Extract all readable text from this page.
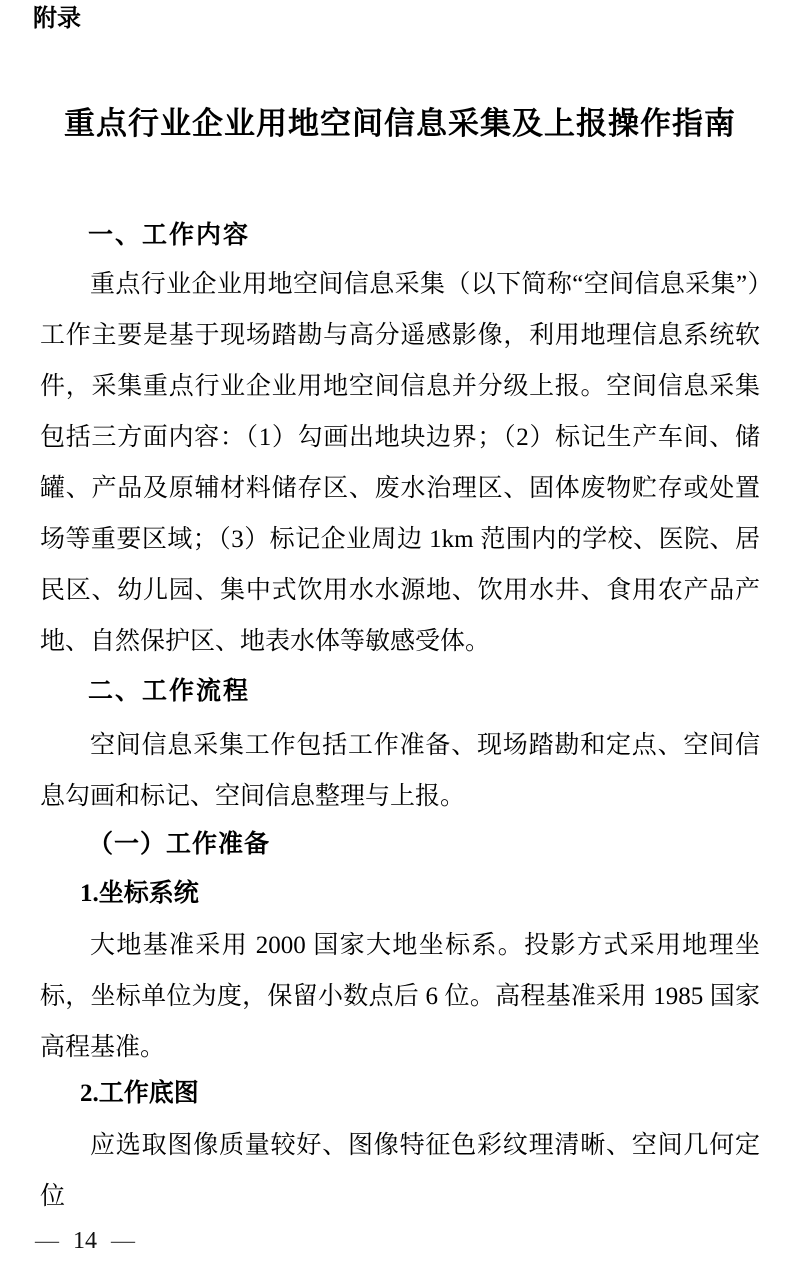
附录
重点行业企业用地空间信息采集及上报操作指南
一、工作内容

重点行业企业用地空间信息采集（以下简称“空间信息采集”）工作主要是基于现场踏勘与高分遥感影像，利用地理信息系统软件，采集重点行业企业用地空间信息并分级上报。空间信息采集包括三方面内容：（1）勾画出地块边界；（2）标记生产车间、储罐、产品及原辅材料储存区、废水治理区、固体废物贮存或处置场等重要区域；（3）标记企业周边 1km 范围内的学校、医院、居民区、幼儿园、集中式饮用水水源地、饮用水井、食用农产品产地、自然保护区、地表水体等敏感受体。

二、工作流程

空间信息采集工作包括工作准备、现场踏勘和定点、空间信息勾画和标记、空间信息整理与上报。

（一）工作准备
1.坐标系统

大地基准采用 2000 国家大地坐标系。投影方式采用地理坐标，坐标单位为度，保留小数点后 6 位。高程基准采用 1985 国家高程基准。

2.工作底图

应选取图像质量较好、图像特征色彩纹理清晰、空间几何定位

— 14 —
